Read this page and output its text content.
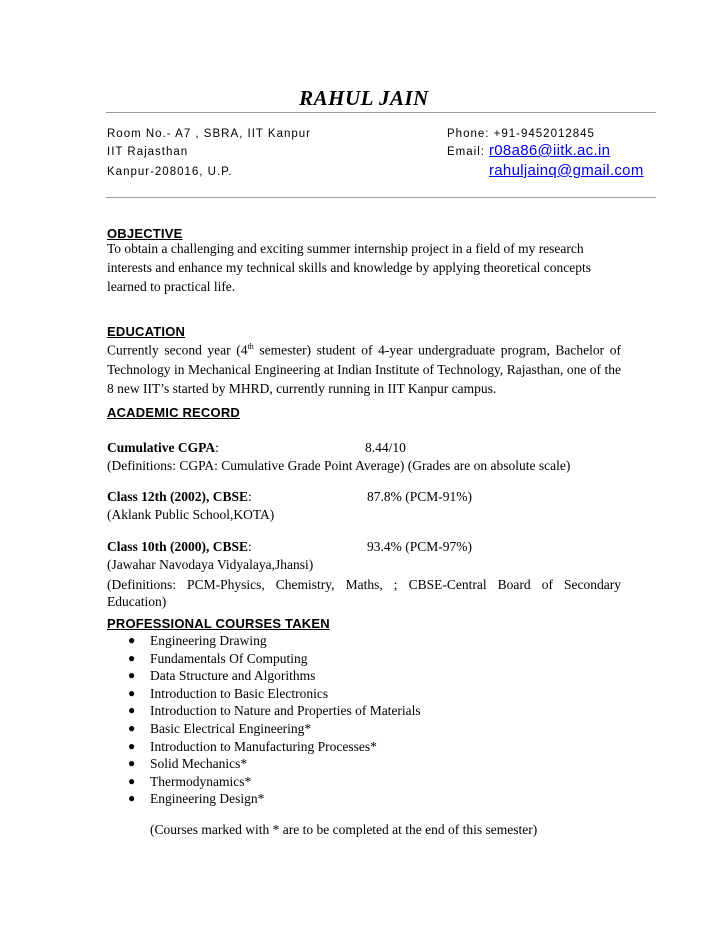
RAHUL JAIN
Room No.- A7 , SBRA, IIT Kanpur
IIT Rajasthan
Kanpur-208016, U.P.
Phone: +91-9452012845
Email: r08a86@iitk.ac.in
rahuljainq@gmail.com
OBJECTIVE
To obtain a challenging and exciting summer internship project in a field of my research interests and enhance my technical skills and knowledge by applying theoretical concepts learned to practical life.
EDUCATION
Currently second year (4th semester) student of 4-year undergraduate program, Bachelor of Technology in Mechanical Engineering at Indian Institute of Technology, Rajasthan, one of the 8 new IIT’s started by MHRD, currently running in IIT Kanpur campus.
ACADEMIC RECORD
Cumulative CGPA:	8.44/10
(Definitions: CGPA: Cumulative Grade Point Average) (Grades are on absolute scale)
Class 12th (2002), CBSE:	87.8% (PCM-91%)
(Aklank Public School,KOTA)
Class 10th (2000), CBSE:	93.4% (PCM-97%)
(Jawahar Navodaya Vidyalaya,Jhansi)
(Definitions: PCM-Physics, Chemistry, Maths, ; CBSE-Central Board of Secondary Education)
PROFESSIONAL COURSES TAKEN
● Engineering Drawing
● Fundamentals Of Computing
● Data Structure and Algorithms
● Introduction to Basic Electronics
● Introduction to Nature and Properties of Materials
● Basic Electrical Engineering*
● Introduction to Manufacturing Processes*
● Solid Mechanics*
● Thermodynamics*
● Engineering Design*
(Courses marked with * are to be completed at the end of this semester)
